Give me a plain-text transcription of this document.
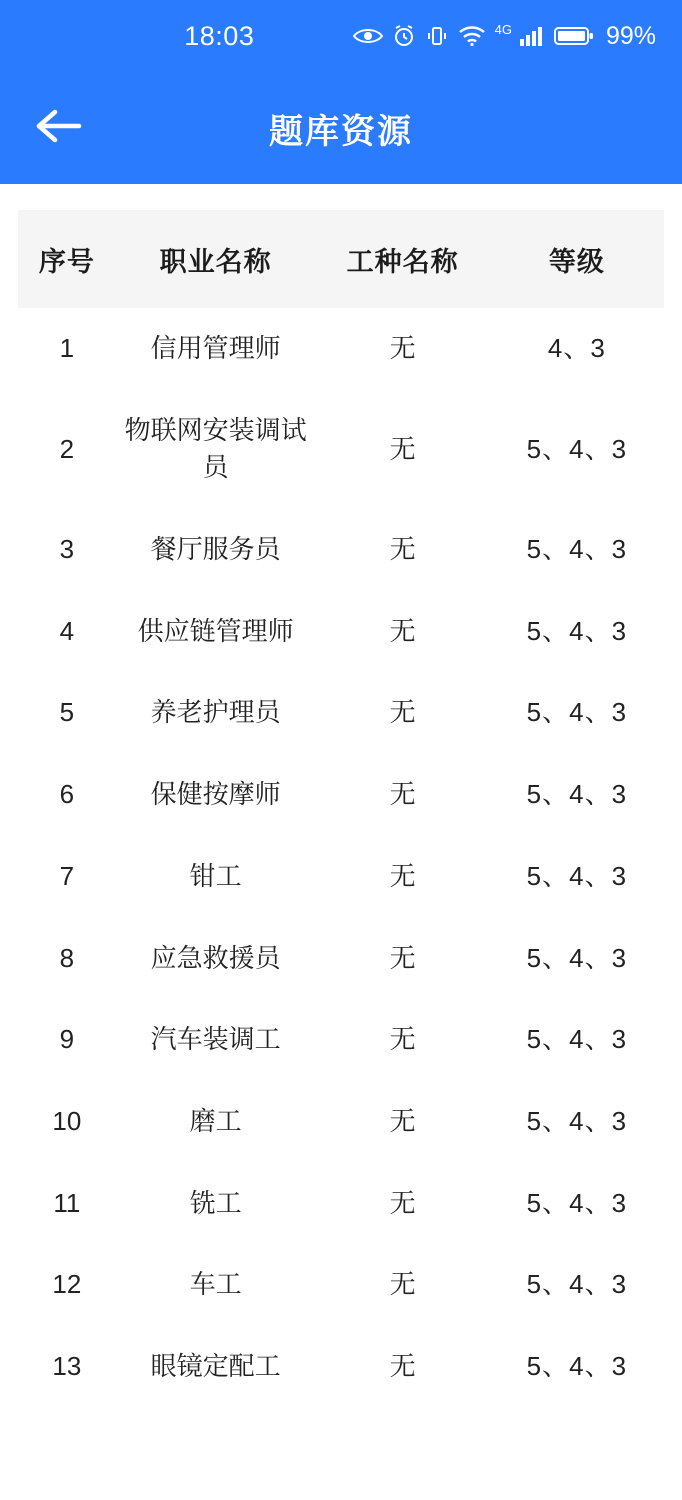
18:03	4G	99%
题库资源
序号	职业名称	工种名称	等级
1	信用管理师	无	4、3
2	物联网安装调试员	无	5、4、3
3	餐厅服务员	无	5、4、3
4	供应链管理师	无	5、4、3
5	养老护理员	无	5、4、3
6	保健按摩师	无	5、4、3
7	钳工	无	5、4、3
8	应急救援员	无	5、4、3
9	汽车装调工	无	5、4、3
10	磨工	无	5、4、3
11	铣工	无	5、4、3
12	车工	无	5、4、3
13	眼镜定配工	无	5、4、3
